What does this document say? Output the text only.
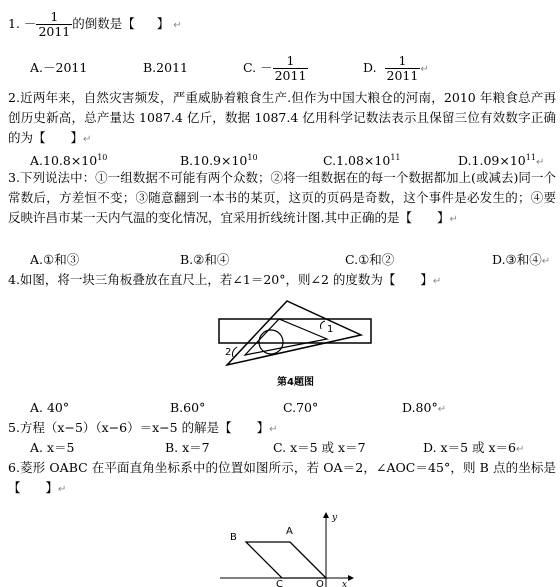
1. － $\frac{1}{2011}$ 的倒数是【 】 ↵
A.－2011	B.2011	C. － $\frac{1}{2011}$	D. $\frac{1}{2011}$ ↵
2.近两年来，自然灾害频发，严重威胁着粮食生产.但作为中国大粮仓的河南，2010 年粮食总产再创历史新高，总产量达 1087.4 亿斤，数据 1087.4 亿用科学记数法表示且保留三位有效数字正确的为【　　】↵
$A.10.8\times 10^{10}$	$B.10.9\times 10^{10}$	$C.1.08\times 10^{11}$	$D.1.09\times 10^{11}↵$
3.下列说法中：①一组数据不可能有两个众数；②将一组数据在的每一个数据都加上(或减去)同一个常数后，方差恒不变；③随意翻到一本书的某页，这页的页码是奇数，这个事件是必发生的；④要反映许昌市某一天内气温的变化情况，宜采用折线统计图.其中正确的是【　　】↵
A.①和③	B.②和④	C.①和②	D.③和④↵
4.如图，将一块三角板叠放在直尺上，若∠1＝20°，则∠2 的度数为【　　】↵
1
2
第4题图
A. 40°	B.60°	C.70°	D.80°↵
5.方程（x−5）（x−6）＝x−5 的解是【　　】↵
A. x＝5	B. x＝7	C. x＝5 或 x＝7	D. x＝5 或 x＝6↵
6.菱形 OABC 在平面直角坐标系中的位置如图所示，若 OA＝2，∠AOC＝45°，则 B 点的坐标是【　　】↵
B
A
C	O x
y
